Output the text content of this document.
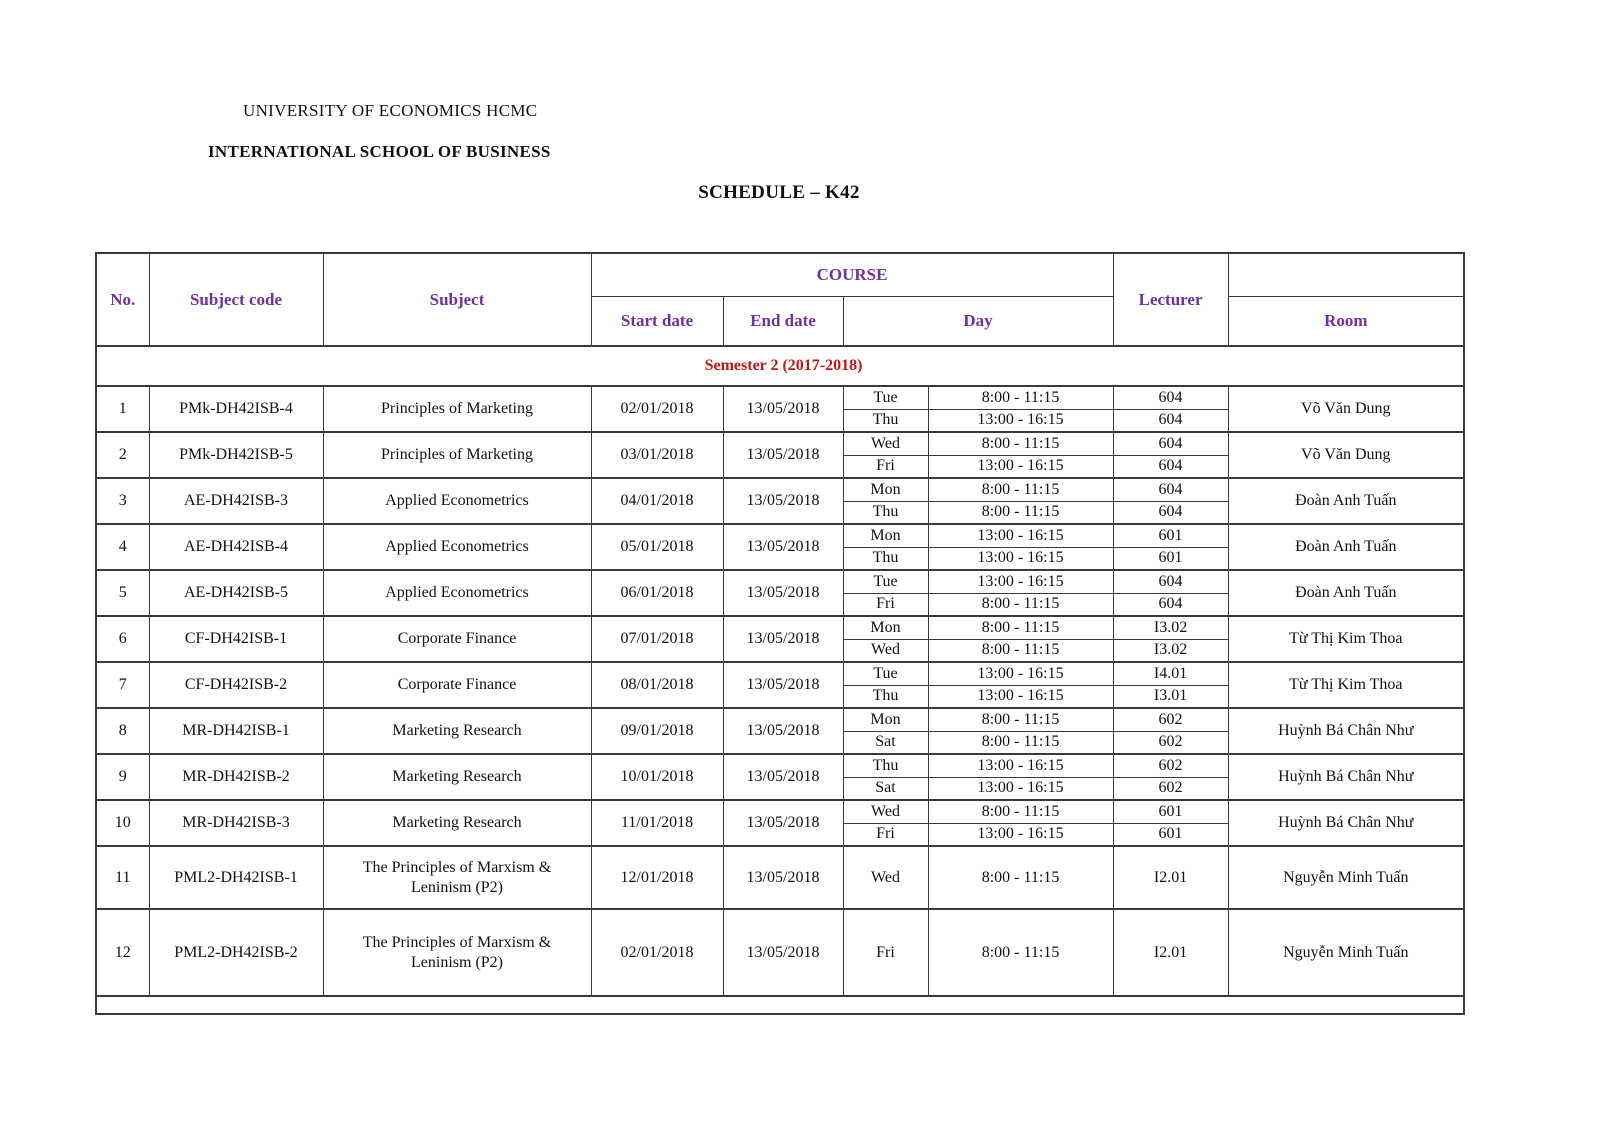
UNIVERSITY OF ECONOMICS HCMC
INTERNATIONAL SCHOOL OF BUSINESS
SCHEDULE – K42
No.	Subject code	Subject	COURSE				Lecturer	
			Start date	End date	Day			Room
Semester 2 (2017-2018)								
1	PMk-DH42ISB-4	Principles of Marketing	02/01/2018	13/05/2018	Tue	8:00 - 11:15	604	Võ Văn Dung
					Thu	13:00 - 16:15	604	
2	PMk-DH42ISB-5	Principles of Marketing	03/01/2018	13/05/2018	Wed	8:00 - 11:15	604	Võ Văn Dung
					Fri	13:00 - 16:15	604	
3	AE-DH42ISB-3	Applied Econometrics	04/01/2018	13/05/2018	Mon	8:00 - 11:15	604	Đoàn Anh Tuấn
					Thu	8:00 - 11:15	604	
4	AE-DH42ISB-4	Applied Econometrics	05/01/2018	13/05/2018	Mon	13:00 - 16:15	601	Đoàn Anh Tuấn
					Thu	13:00 - 16:15	601	
5	AE-DH42ISB-5	Applied Econometrics	06/01/2018	13/05/2018	Tue	13:00 - 16:15	604	Đoàn Anh Tuấn
					Fri	8:00 - 11:15	604	
6	CF-DH42ISB-1	Corporate Finance	07/01/2018	13/05/2018	Mon	8:00 - 11:15	I3.02	Từ Thị Kim Thoa
					Wed	8:00 - 11:15	I3.02	
7	CF-DH42ISB-2	Corporate Finance	08/01/2018	13/05/2018	Tue	13:00 - 16:15	I4.01	Từ Thị Kim Thoa
					Thu	13:00 - 16:15	I3.01	
8	MR-DH42ISB-1	Marketing Research	09/01/2018	13/05/2018	Mon	8:00 - 11:15	602	Huỳnh Bá Chân Như
					Sat	8:00 - 11:15	602	
9	MR-DH42ISB-2	Marketing Research	10/01/2018	13/05/2018	Thu	13:00 - 16:15	602	Huỳnh Bá Chân Như
					Sat	13:00 - 16:15	602	
10	MR-DH42ISB-3	Marketing Research	11/01/2018	13/05/2018	Wed	8:00 - 11:15	601	Huỳnh Bá Chân Như
					Fri	13:00 - 16:15	601	
11	PML2-DH42ISB-1	The Principles of Marxism & Leninism (P2)	12/01/2018	13/05/2018	Wed	8:00 - 11:15	I2.01	Nguyễn Minh Tuấn
12	PML2-DH42ISB-2	The Principles of Marxism & Leninism (P2)	02/01/2018	13/05/2018	Fri	8:00 - 11:15	I2.01	Nguyễn Minh Tuấn
